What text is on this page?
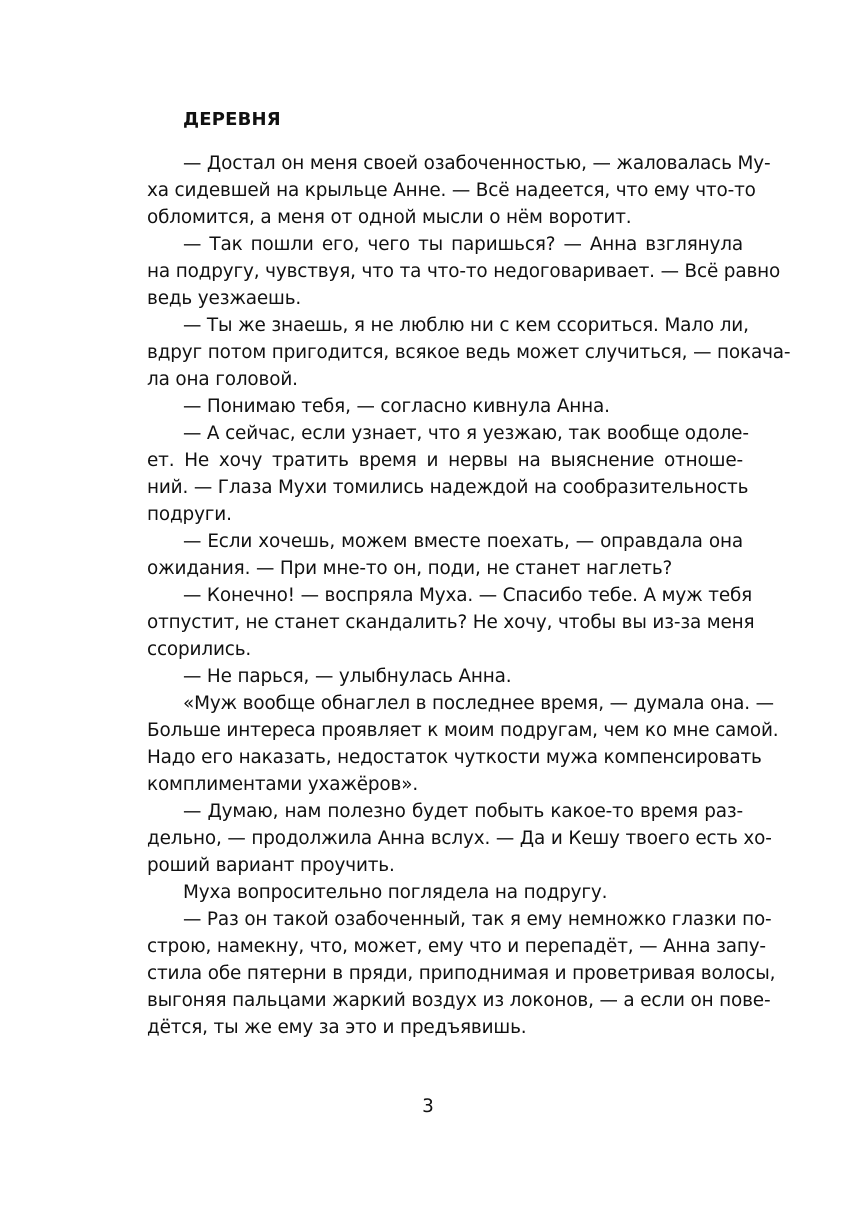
ДЕРЕВНЯ
— Достал он меня своей озабоченностью, — жаловалась Му-
ха сидевшей на крыльце Анне. — Всё надеется, что ему что-то
обломится, а меня от одной мысли о нём воротит.
— Так пошли его, чего ты паришься? — Анна взглянула
на подругу, чувствуя, что та что-то недоговаривает. — Всё равно
ведь уезжаешь.
— Ты же знаешь, я не люблю ни с кем ссориться. Мало ли,
вдруг потом пригодится, всякое ведь может случиться, — покача-
ла она головой.
— Понимаю тебя, — согласно кивнула Анна.
— А сейчас, если узнает, что я уезжаю, так вообще одоле-
ет. Не хочу тратить время и нервы на выяснение отноше-
ний. — Глаза Мухи томились надеждой на сообразительность
подруги.
— Если хочешь, можем вместе поехать, — оправдала она
ожидания. — При мне-то он, поди, не станет наглеть?
— Конечно! — воспряла Муха. — Спасибо тебе. А муж тебя
отпустит, не станет скандалить? Не хочу, чтобы вы из-за меня
ссорились.
— Не парься, — улыбнулась Анна.
«Муж вообще обнаглел в последнее время, — думала она. —
Больше интереса проявляет к моим подругам, чем ко мне самой.
Надо его наказать, недостаток чуткости мужа компенсировать
комплиментами ухажёров».
— Думаю, нам полезно будет побыть какое-то время раз-
дельно, — продолжила Анна вслух. — Да и Кешу твоего есть хо-
роший вариант проучить.
Муха вопросительно поглядела на подругу.
— Раз он такой озабоченный, так я ему немножко глазки по-
строю, намекну, что, может, ему что и перепадёт, — Анна запу-
стила обе пятерни в пряди, приподнимая и проветривая волосы,
выгоняя пальцами жаркий воздух из локонов, — а если он пове-
дётся, ты же ему за это и предъявишь.
3
